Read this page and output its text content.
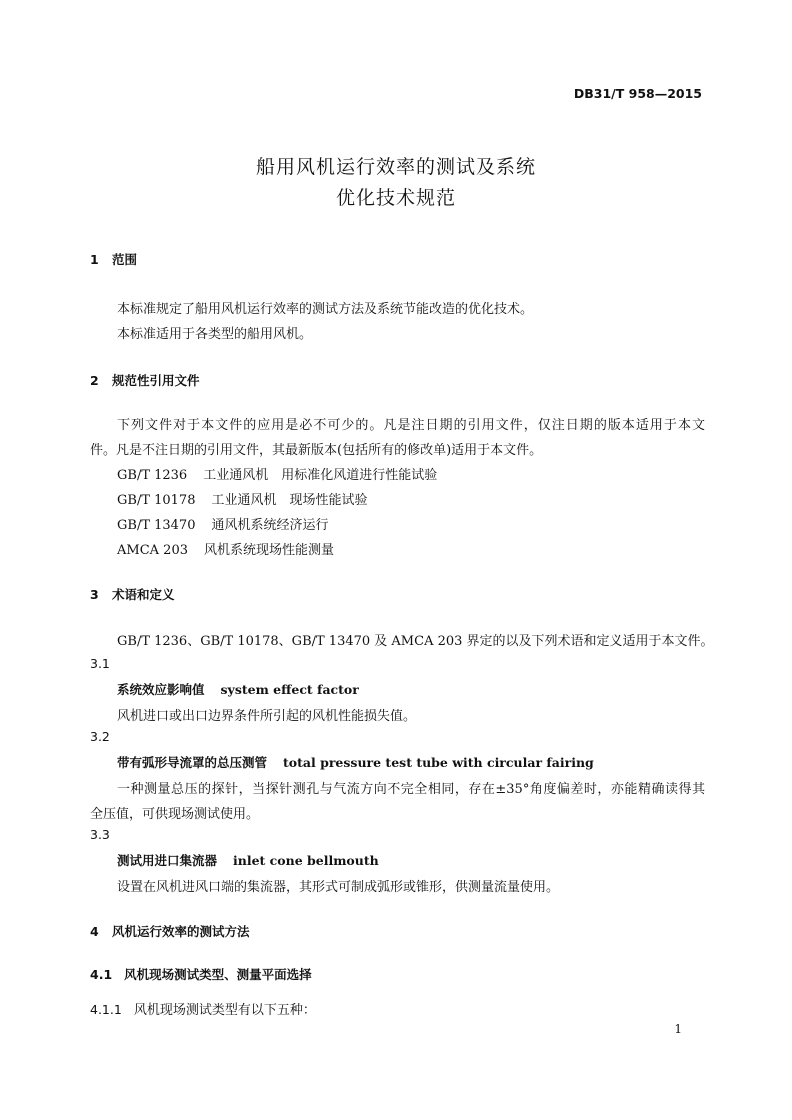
DB31/T 958—2015
船用风机运行效率的测试及系统
优化技术规范
1 范围
本标准规定了船用风机运行效率的测试方法及系统节能改造的优化技术。
本标准适用于各类型的船用风机。
2 规范性引用文件
下列文件对于本文件的应用是必不可少的。凡是注日期的引用文件，仅注日期的版本适用于本文
件。凡是不注日期的引用文件，其最新版本(包括所有的修改单)适用于本文件。
GB/T 1236 工业通风机　用标准化风道进行性能试验
GB/T 10178 工业通风机　现场性能试验
GB/T 13470 通风机系统经济运行
AMCA 203 风机系统现场性能测量
3 术语和定义
GB/T 1236、GB/T 10178、GB/T 13470 及 AMCA 203 界定的以及下列术语和定义适用于本文件。
3.1
系统效应影响值 system effect factor
风机进口或出口边界条件所引起的风机性能损失值。
3.2
带有弧形导流罩的总压测管 total pressure test tube with circular fairing
一种测量总压的探针，当探针测孔与气流方向不完全相同，存在±35°角度偏差时，亦能精确读得其
全压值，可供现场测试使用。
3.3
测试用进口集流器 inlet cone bellmouth
设置在风机进风口端的集流器，其形式可制成弧形或锥形，供测量流量使用。
4 风机运行效率的测试方法
4.1 风机现场测试类型、测量平面选择
4.1.1 风机现场测试类型有以下五种：
1
